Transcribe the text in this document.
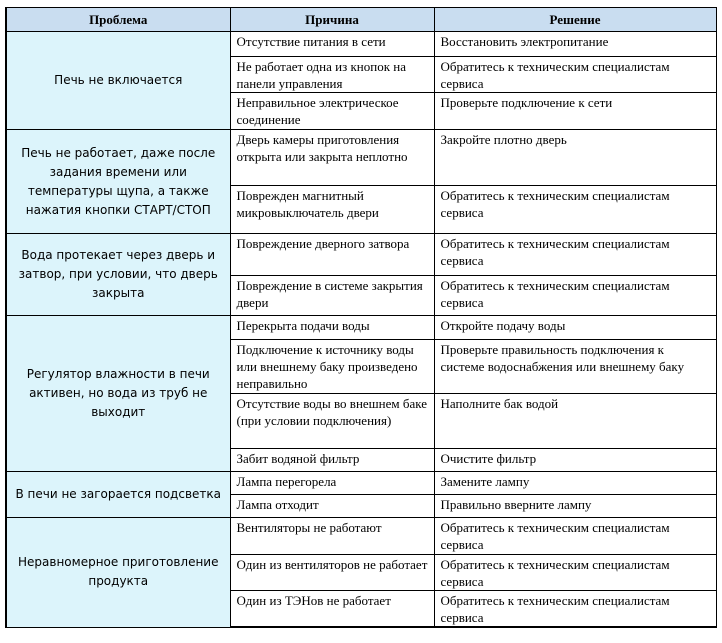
Проблема	Причина	Решение
Печь не включается	Отсутствие питания в сети	Восстановить электропитание
	Не работает одна из кнопок на панели управления	Обратитесь к техническим специалистам сервиса
	Неправильное электрическое соединение	Проверьте подключение к сети
Печь не работает, даже после задания времени или температуры щупа, а также нажатия кнопки СТАРТ/СТОП	Дверь камеры приготовления открыта или закрыта неплотно	Закройте плотно дверь
	Поврежден магнитный микровыключатель двери	Обратитесь к техническим специалистам сервиса
Вода протекает через дверь и затвор, при условии, что дверь закрыта	Повреждение дверного затвора	Обратитесь к техническим специалистам сервиса
	Повреждение в системе закрытия двери	Обратитесь к техническим специалистам сервиса
Регулятор влажности в печи активен, но вода из труб не выходит	Перекрыта подачи воды	Откройте подачу воды
	Подключение к источнику воды или внешнему баку произведено неправильно	Проверьте правильность подключения к системе водоснабжения или внешнему баку
	Отсутствие воды во внешнем баке (при условии подключения)	Наполните бак водой
	Забит водяной фильтр	Очистите фильтр
В печи не загорается подсветка	Лампа перегорела	Замените лампу
	Лампа отходит	Правильно вверните лампу
Неравномерное приготовление продукта	Вентиляторы не работают	Обратитесь к техническим специалистам сервиса
	Один из вентиляторов не работает	Обратитесь к техническим специалистам сервиса
	Один из ТЭНов не работает	Обратитесь к техническим специалистам сервиса
